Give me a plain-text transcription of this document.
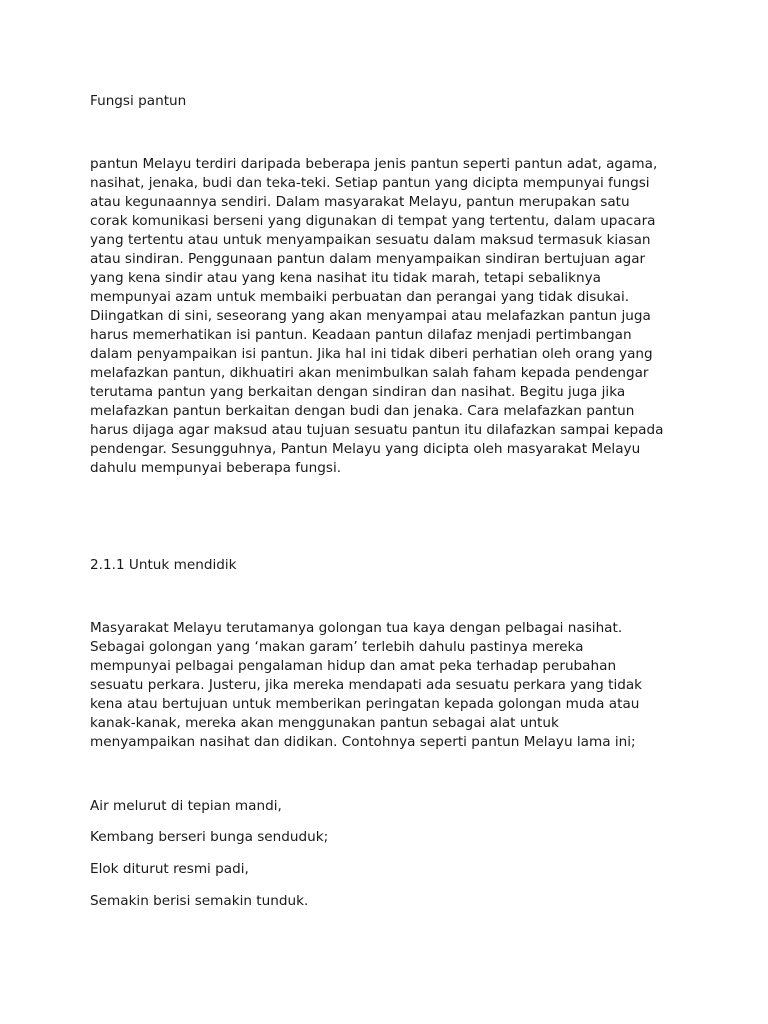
Fungsi pantun

pantun Melayu terdiri daripada beberapa jenis pantun seperti pantun adat, agama,
nasihat, jenaka, budi dan teka-teki. Setiap pantun yang dicipta mempunyai fungsi
atau kegunaannya sendiri. Dalam masyarakat Melayu, pantun merupakan satu
corak komunikasi berseni yang digunakan di tempat yang tertentu, dalam upacara
yang tertentu atau untuk menyampaikan sesuatu dalam maksud termasuk kiasan
atau sindiran. Penggunaan pantun dalam menyampaikan sindiran bertujuan agar
yang kena sindir atau yang kena nasihat itu tidak marah, tetapi sebaliknya
mempunyai azam untuk membaiki perbuatan dan perangai yang tidak disukai.
Diingatkan di sini, seseorang yang akan menyampai atau melafazkan pantun juga
harus memerhatikan isi pantun. Keadaan pantun dilafaz menjadi pertimbangan
dalam penyampaikan isi pantun. Jika hal ini tidak diberi perhatian oleh orang yang
melafazkan pantun, dikhuatiri akan menimbulkan salah faham kepada pendengar
terutama pantun yang berkaitan dengan sindiran dan nasihat. Begitu juga jika
melafazkan pantun berkaitan dengan budi dan jenaka. Cara melafazkan pantun
harus dijaga agar maksud atau tujuan sesuatu pantun itu dilafazkan sampai kepada
pendengar. Sesungguhnya, Pantun Melayu yang dicipta oleh masyarakat Melayu
dahulu mempunyai beberapa fungsi.

2.1.1 Untuk mendidik

Masyarakat Melayu terutamanya golongan tua kaya dengan pelbagai nasihat.
Sebagai golongan yang ‘makan garam’ terlebih dahulu pastinya mereka
mempunyai pelbagai pengalaman hidup dan amat peka terhadap perubahan
sesuatu perkara. Justeru, jika mereka mendapati ada sesuatu perkara yang tidak
kena atau bertujuan untuk memberikan peringatan kepada golongan muda atau
kanak-kanak, mereka akan menggunakan pantun sebagai alat untuk
menyampaikan nasihat dan didikan. Contohnya seperti pantun Melayu lama ini;

Air melurut di tepian mandi,

Kembang berseri bunga senduduk;

Elok diturut resmi padi,

Semakin berisi semakin tunduk.
